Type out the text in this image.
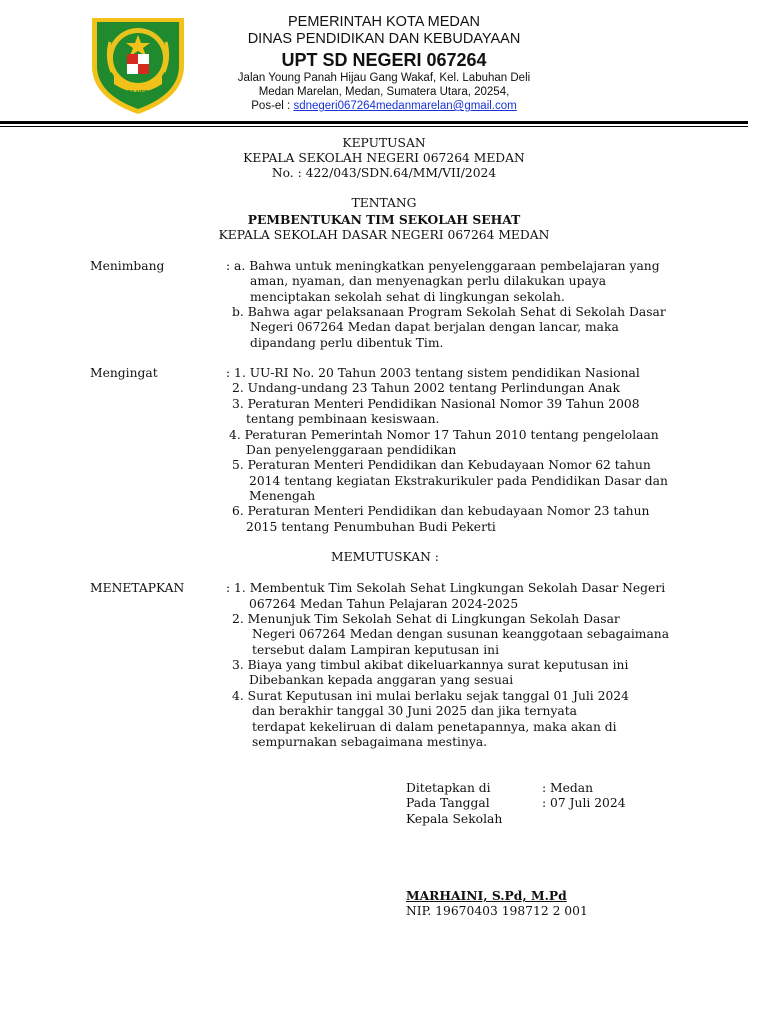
KOTA MEDAN
PEMERINTAH KOTA MEDAN
DINAS PENDIDIKAN DAN KEBUDAYAAN
UPT SD NEGERI 067264
Jalan Young Panah Hijau Gang Wakaf, Kel. Labuhan Deli
Medan Marelan, Medan, Sumatera Utara, 20254,
Pos-el : sdnegeri067264medanmarelan@gmail.com
KEPUTUSAN
KEPALA SEKOLAH NEGERI 067264 MEDAN
No. : 422/043/SDN.64/MM/VII/2024
TENTANG
PEMBENTUKAN TIM SEKOLAH SEHAT
KEPALA SEKOLAH DASAR NEGERI 067264 MEDAN
Menimbang	: a. Bahwa untuk meningkatkan penyelenggaraan pembelajaran yang
aman, nyaman, dan menyenagkan perlu dilakukan upaya
menciptakan sekolah sehat di lingkungan sekolah.
b. Bahwa agar pelaksanaan Program Sekolah Sehat di Sekolah Dasar
Negeri 067264 Medan dapat berjalan dengan lancar, maka
dipandang perlu dibentuk Tim.
Mengingat	: 1. UU-RI No. 20 Tahun 2003 tentang sistem pendidikan Nasional
2. Undang-undang 23 Tahun 2002 tentang Perlindungan Anak
3. Peraturan Menteri Pendidikan Nasional Nomor 39 Tahun 2008
tentang pembinaan kesiswaan.
4. Peraturan Pemerintah Nomor 17 Tahun 2010 tentang pengelolaan
Dan penyelenggaraan pendidikan
5. Peraturan Menteri Pendidikan dan Kebudayaan Nomor 62 tahun
2014 tentang kegiatan Ekstrakurikuler pada Pendidikan Dasar dan
Menengah
6. Peraturan Menteri Pendidikan dan kebudayaan Nomor 23 tahun
2015 tentang Penumbuhan Budi Pekerti
MEMUTUSKAN :
MENETAPKAN	: 1. Membentuk Tim Sekolah Sehat Lingkungan Sekolah Dasar Negeri
067264 Medan Tahun Pelajaran 2024-2025
2. Menunjuk Tim Sekolah Sehat di Lingkungan Sekolah Dasar
Negeri 067264 Medan dengan susunan keanggotaan sebagaimana
tersebut dalam Lampiran keputusan ini
3. Biaya yang timbul akibat dikeluarkannya surat keputusan ini
Dibebankan kepada anggaran yang sesuai
4. Surat Keputusan ini mulai berlaku sejak tanggal 01 Juli 2024
dan berakhir tanggal 30 Juni 2025 dan jika ternyata
terdapat kekeliruan di dalam penetapannya, maka akan di
sempurnakan sebagaimana mestinya.
Ditetapkan di	: Medan
Pada Tanggal	: 07 Juli 2024
Kepala Sekolah
MARHAINI, S.Pd, M.Pd
NIP. 19670403 198712 2 001
